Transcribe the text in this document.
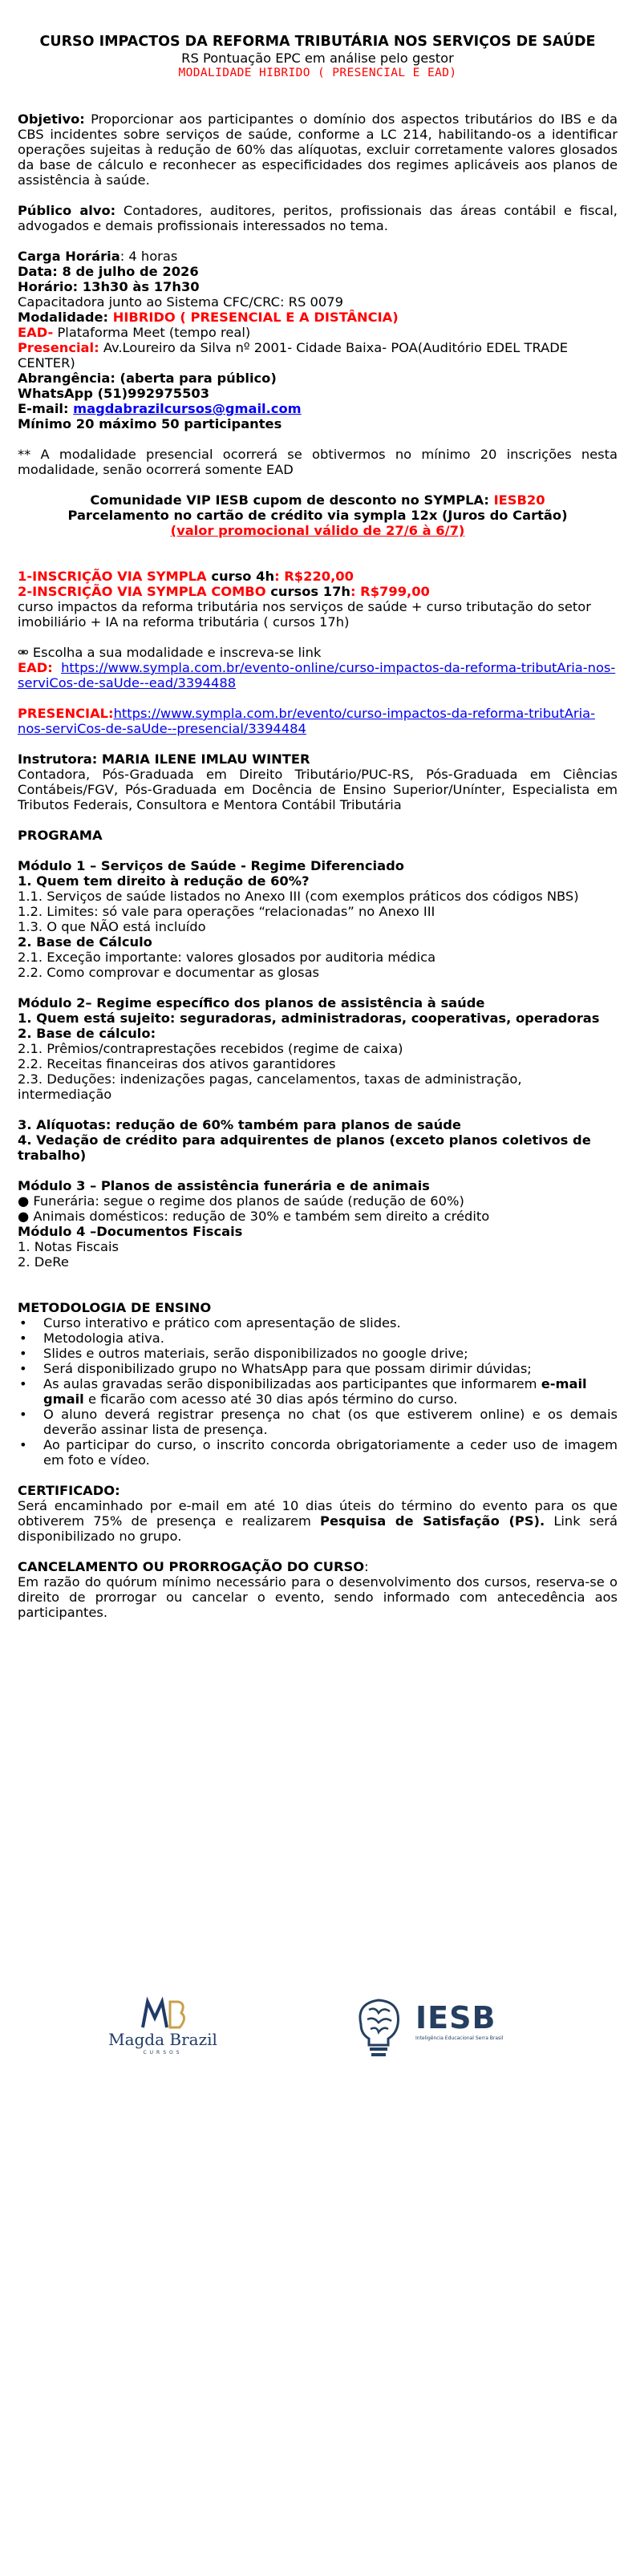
CURSO IMPACTOS DA REFORMA TRIBUTÁRIA NOS SERVIÇOS DE SAÚDE
RS Pontuação EPC em análise pelo gestor
MODALIDADE HIBRIDO ( PRESENCIAL E EAD)
Objetivo: Proporcionar aos participantes o domínio dos aspectos tributários do IBS e da CBS incidentes sobre serviços de saúde, conforme a LC 214, habilitando-os a identificar operações sujeitas à redução de 60% das alíquotas, excluir corretamente valores glosados da base de cálculo e reconhecer as especificidades dos regimes aplicáveis aos planos de assistência à saúde.
Público alvo: Contadores, auditores, peritos, profissionais das áreas contábil e fiscal, advogados e demais profissionais interessados no tema.
Carga Horária: 4 horas
Data: 8 de julho de 2026
Horário: 13h30 às 17h30
Capacitadora junto ao Sistema CFC/CRC: RS 0079
Modalidade: HIBRIDO ( PRESENCIAL E A DISTÂNCIA)
EAD- Plataforma Meet (tempo real)
Presencial: Av.Loureiro da Silva nº 2001- Cidade Baixa- POA(Auditório EDEL TRADE CENTER)
Abrangência: (aberta para público)
WhatsApp (51)992975503
E-mail: magdabrazilcursos@gmail.com
Mínimo 20 máximo 50 participantes
** A modalidade presencial ocorrerá se obtivermos no mínimo 20 inscrições nesta modalidade, senão ocorrerá somente EAD
Comunidade VIP IESB cupom de desconto no SYMPLA: IESB20
Parcelamento no cartão de crédito via sympla 12x (Juros do Cartão)
(valor promocional válido de 27/6 à 6/7)
1-INSCRIÇÃO VIA SYMPLA curso 4h: R$220,00
2-INSCRIÇÃO VIA SYMPLA COMBO cursos 17h: R$799,00
curso impactos da reforma tributária nos serviços de saúde + curso tributação do setor imobiliário + IA na reforma tributária ( cursos 17h)
⚮ Escolha a sua modalidade e inscreva-se link
EAD: https://www.sympla.com.br/evento-online/curso-impactos-da-reforma-tributAria-nos-serviCos-de-saUde--ead/3394488
PRESENCIAL:https://www.sympla.com.br/evento/curso-impactos-da-reforma-tributAria-nos-serviCos-de-saUde--presencial/3394484
Instrutora: MARIA ILENE IMLAU WINTER
Contadora, Pós-Graduada em Direito Tributário/PUC-RS, Pós-Graduada em Ciências Contábeis/FGV, Pós-Graduada em Docência de Ensino Superior/Unínter, Especialista em Tributos Federais, Consultora e Mentora Contábil Tributária
PROGRAMA
Módulo 1 – Serviços de Saúde - Regime Diferenciado
1. Quem tem direito à redução de 60%?
1.1. Serviços de saúde listados no Anexo III (com exemplos práticos dos códigos NBS)
1.2. Limites: só vale para operações “relacionadas” no Anexo III
1.3. O que NÃO está incluído
2. Base de Cálculo
2.1. Exceção importante: valores glosados por auditoria médica
2.2. Como comprovar e documentar as glosas
Módulo 2– Regime específico dos planos de assistência à saúde
1. Quem está sujeito: seguradoras, administradoras, cooperativas, operadoras
2. Base de cálculo:
2.1. Prêmios/contraprestações recebidos (regime de caixa)
2.2. Receitas financeiras dos ativos garantidores
2.3. Deduções: indenizações pagas, cancelamentos, taxas de administração, intermediação
3. Alíquotas: redução de 60% também para planos de saúde
4. Vedação de crédito para adquirentes de planos (exceto planos coletivos de trabalho)
Módulo 3 – Planos de assistência funerária e de animais
● Funerária: segue o regime dos planos de saúde (redução de 60%)
● Animais domésticos: redução de 30% e também sem direito a crédito
Módulo 4 –Documentos Fiscais
1. Notas Fiscais
2. DeRe
METODOLOGIA DE ENSINO
• Curso interativo e prático com apresentação de slides.
• Metodologia ativa.
• Slides e outros materiais, serão disponibilizados no google drive;
• Será disponibilizado grupo no WhatsApp para que possam dirimir dúvidas;
• As aulas gravadas serão disponibilizadas aos participantes que informarem e-mail gmail e ficarão com acesso até 30 dias após término do curso.
• O aluno deverá registrar presença no chat (os que estiverem online) e os demais deverão assinar lista de presença.
• Ao participar do curso, o inscrito concorda obrigatoriamente a ceder uso de imagem em foto e vídeo.
CERTIFICADO:
Será encaminhado por e-mail em até 10 dias úteis do término do evento para os que obtiverem 75% de presença e realizarem Pesquisa de Satisfação (PS). Link será disponibilizado no grupo.
CANCELAMENTO OU PRORROGAÇÃO DO CURSO:
Em razão do quórum mínimo necessário para o desenvolvimento dos cursos, reserva-se o direito de prorrogar ou cancelar o evento, sendo informado com antecedência aos participantes.
Magda Brazil
CURSOS
IESB
Inteligência Educacional Serra Brasil
